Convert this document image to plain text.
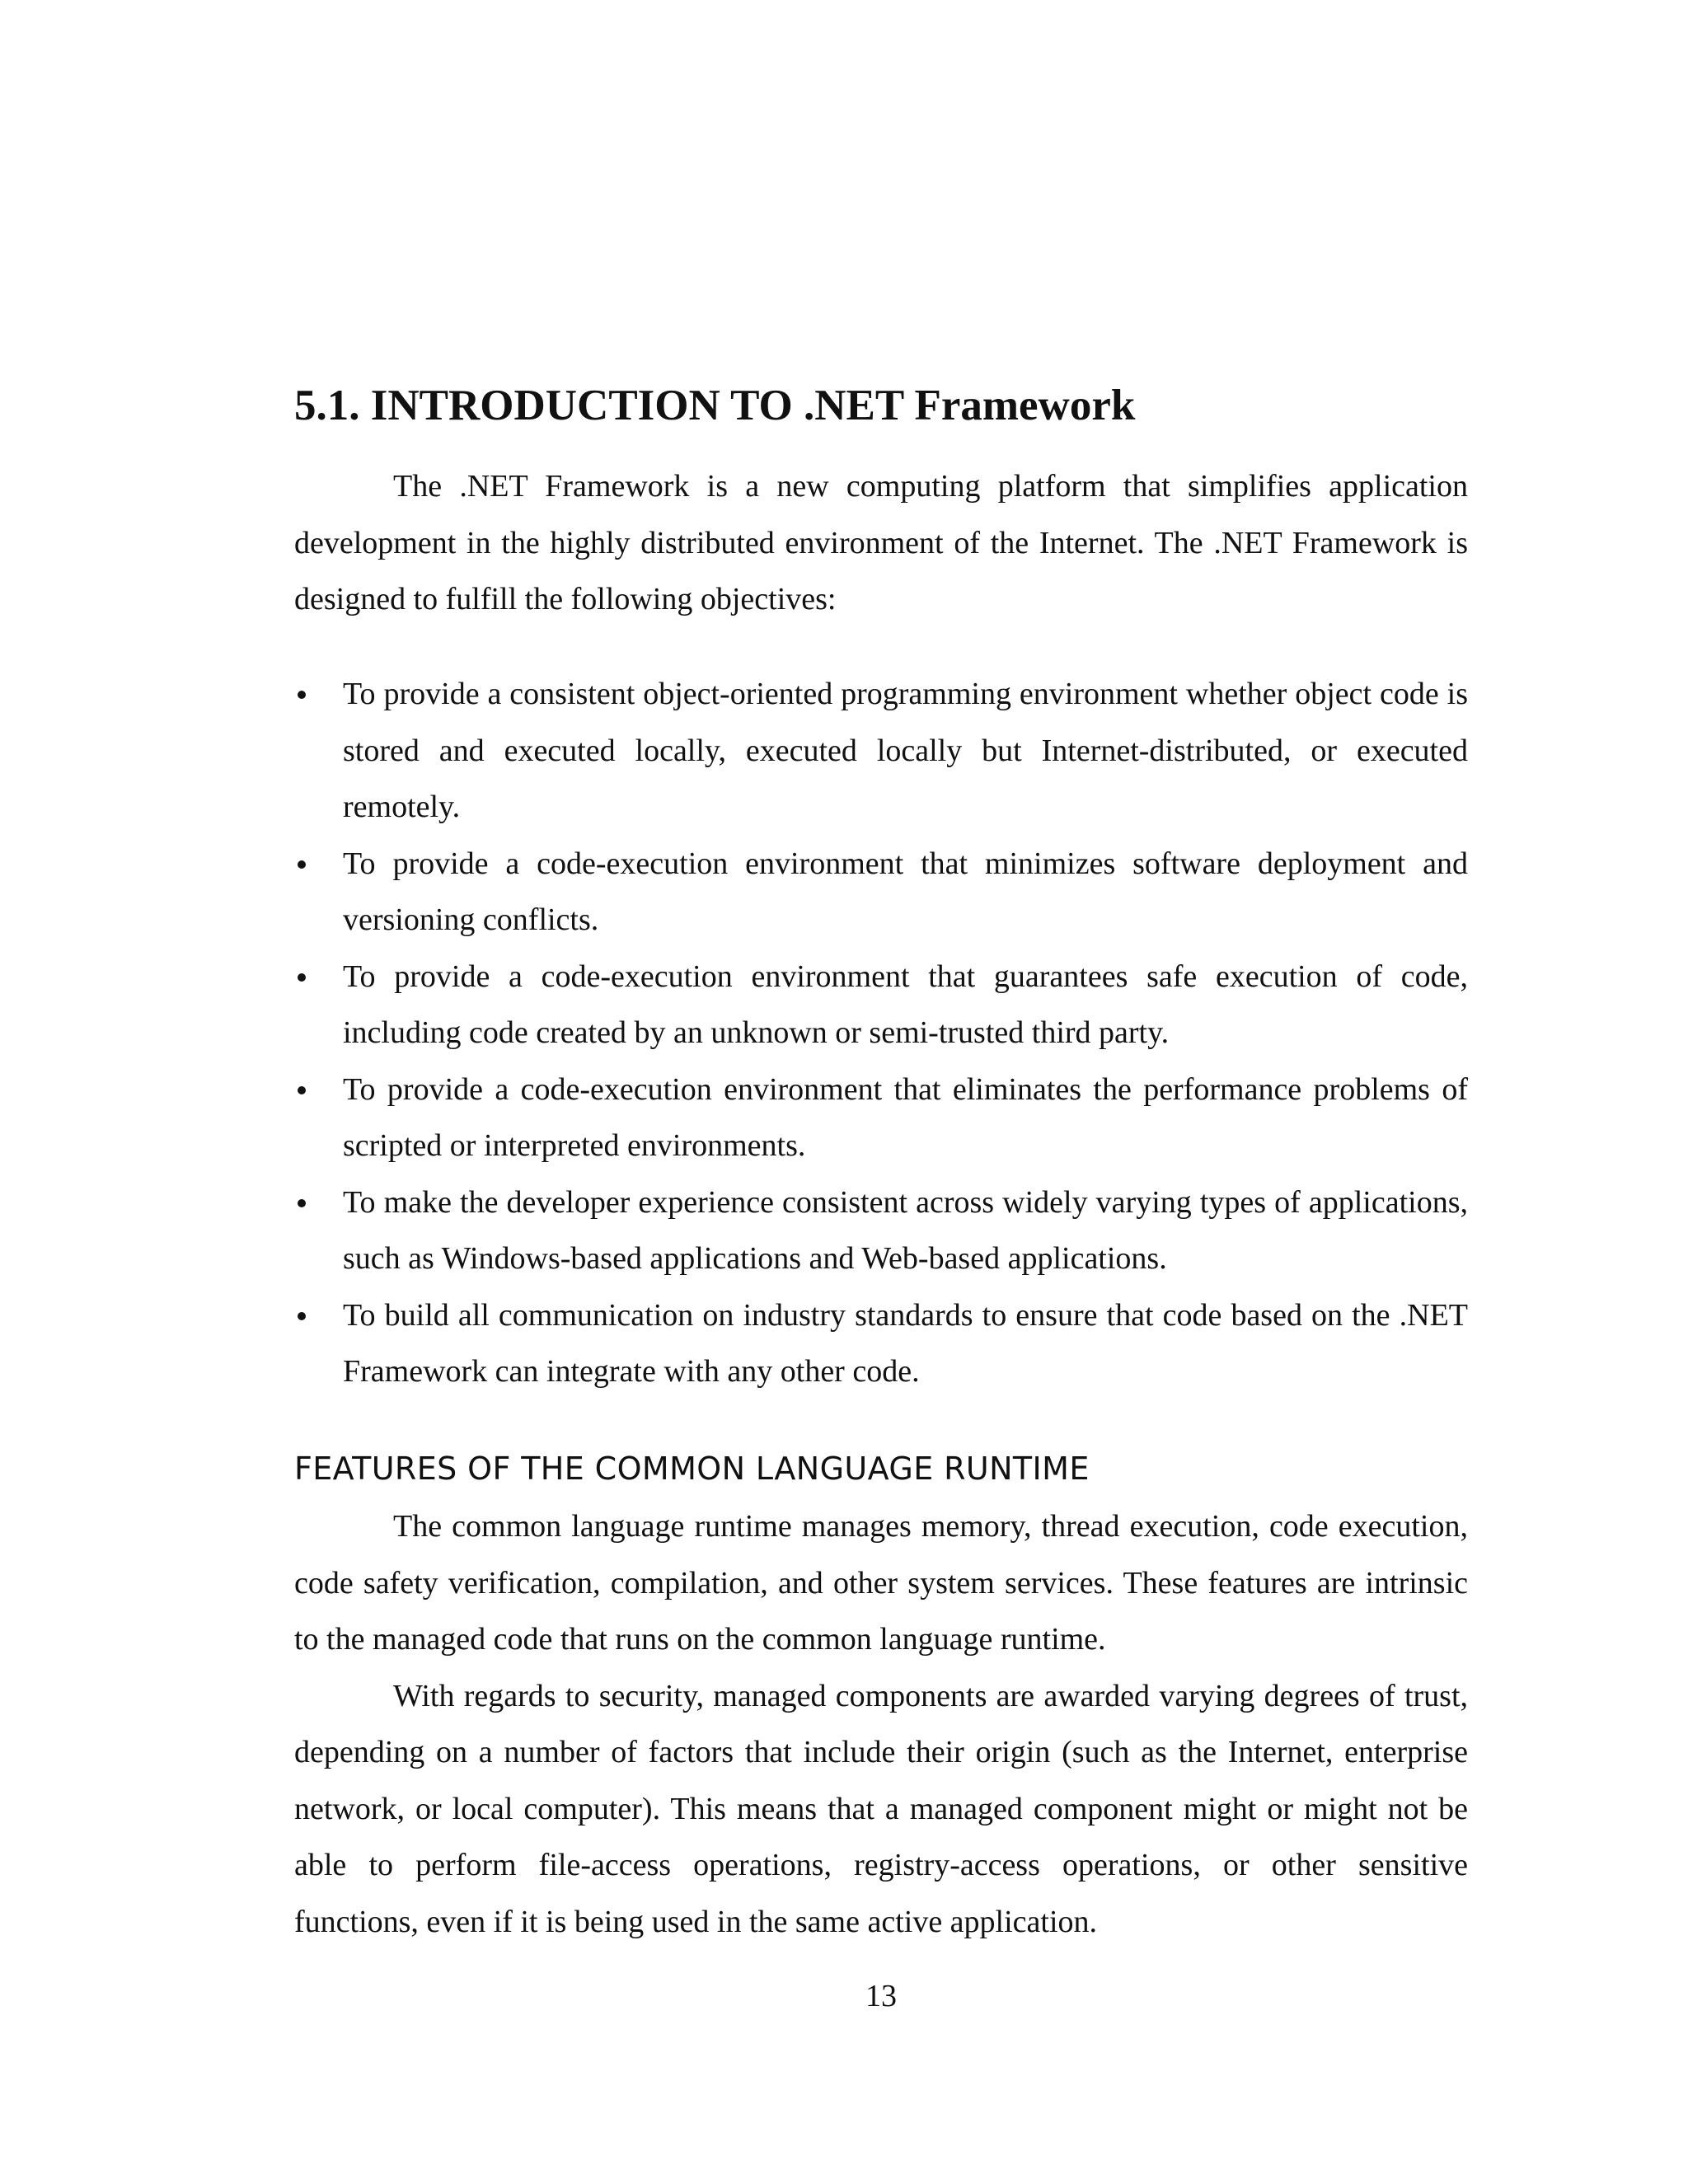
5.1. INTRODUCTION TO .NET Framework

The .NET Framework is a new computing platform that simplifies application development in the highly distributed environment of the Internet. The .NET Framework is designed to fulfill the following objectives:

To provide a consistent object-oriented programming environment whether object code is stored and executed locally, executed locally but Internet-distributed, or executed remotely.
To provide a code-execution environment that minimizes software deployment and versioning conflicts.
To provide a code-execution environment that guarantees safe execution of code, including code created by an unknown or semi-trusted third party.
To provide a code-execution environment that eliminates the performance problems of scripted or interpreted environments.
To make the developer experience consistent across widely varying types of applications, such as Windows-based applications and Web-based applications.
To build all communication on industry standards to ensure that code based on the .NET Framework can integrate with any other code.
FEATURES OF THE COMMON LANGUAGE RUNTIME

The common language runtime manages memory, thread execution, code execution, code safety verification, compilation, and other system services. These features are intrinsic to the managed code that runs on the common language runtime.

With regards to security, managed components are awarded varying degrees of trust, depending on a number of factors that include their origin (such as the Internet, enterprise network, or local computer). This means that a managed component might or might not be able to perform file-access operations, registry-access operations, or other sensitive functions, even if it is being used in the same active application.

13
